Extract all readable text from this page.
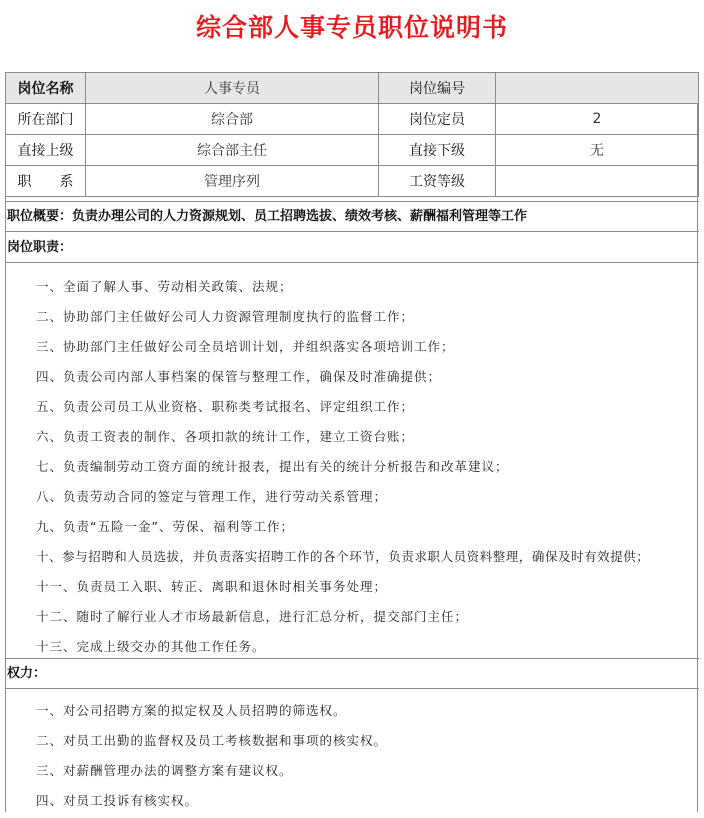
综合部人事专员职位说明书
岗位名称	人事专员	岗位编号	
所在部门	综合部	岗位定员	2
直接上级	综合部主任	直接下级	无
职　　系	管理序列	工资等级	
职位概要：负责办理公司的人力资源规划、员工招聘选拔、绩效考核、薪酬福利管理等工作
岗位职责：
一、全面了解人事、劳动相关政策、法规；
二、协助部门主任做好公司人力资源管理制度执行的监督工作；
三、协助部门主任做好公司全员培训计划，并组织落实各项培训工作；
四、负责公司内部人事档案的保管与整理工作，确保及时准确提供；
五、负责公司员工从业资格、职称类考试报名、评定组织工作；
六、负责工资表的制作、各项扣款的统计工作，建立工资台账；
七、负责编制劳动工资方面的统计报表，提出有关的统计分析报告和改革建议；
八、负责劳动合同的签定与管理工作，进行劳动关系管理；
九、负责“五险一金”、劳保、福利等工作；
十、参与招聘和人员选拔，并负责落实招聘工作的各个环节，负责求职人员资料整理，确保及时有效提供；
十一、负责员工入职、转正、离职和退休时相关事务处理；
十二、随时了解行业人才市场最新信息，进行汇总分析，提交部门主任；
十三、完成上级交办的其他工作任务。
权力：
一、对公司招聘方案的拟定权及人员招聘的筛选权。
二、对员工出勤的监督权及员工考核数据和事项的核实权。
三、对薪酬管理办法的调整方案有建议权。
四、对员工投诉有核实权。
